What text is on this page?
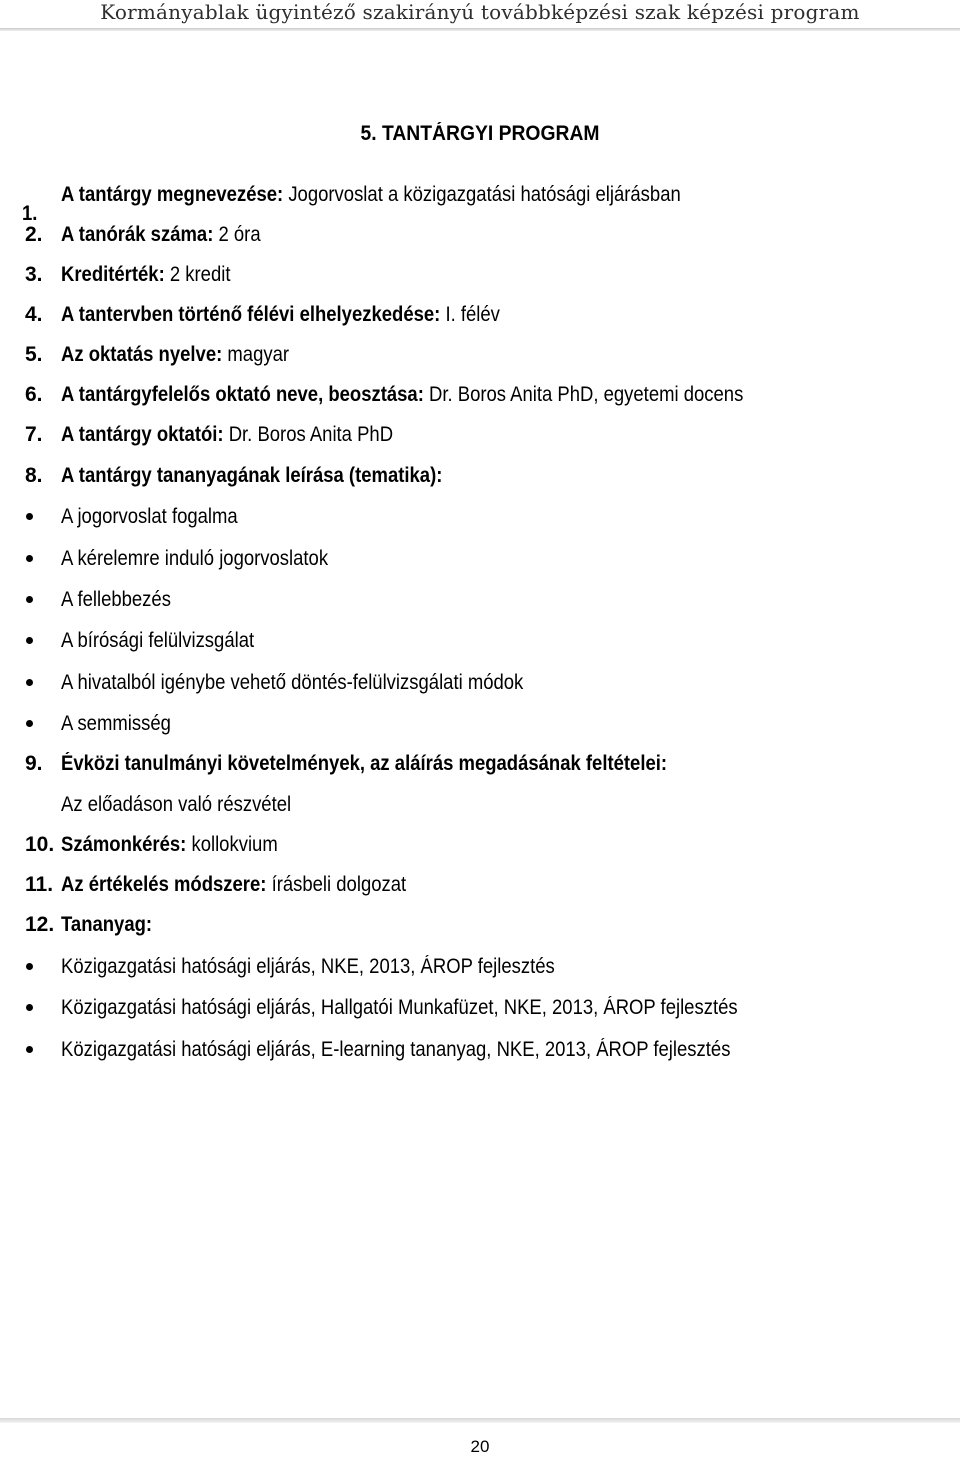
Kormányablak ügyintéző szakirányú továbbképzési szak képzési program
5. TANTÁRGYI PROGRAM
1.
A tantárgy megnevezése: Jogorvoslat a közigazgatási hatósági eljárásban
2. A tanórák száma: 2 óra
3. Kreditérték: 2 kredit
4. A tantervben történő félévi elhelyezkedése: I. félév
5. Az oktatás nyelve: magyar
6. A tantárgyfelelős oktató neve, beosztása: Dr. Boros Anita PhD, egyetemi docens
7. A tantárgy oktatói: Dr. Boros Anita PhD
8. A tantárgy tananyagának leírása (tematika):
A jogorvoslat fogalma
A kérelemre induló jogorvoslatok
A fellebbezés
A bírósági felülvizsgálat
A hivatalból igénybe vehető döntés-felülvizsgálati módok
A semmisség
9. Évközi tanulmányi követelmények, az aláírás megadásának feltételei:
Az előadáson való részvétel
10. Számonkérés: kollokvium
11. Az értékelés módszere: írásbeli dolgozat
12. Tananyag:
Közigazgatási hatósági eljárás, NKE, 2013, ÁROP fejlesztés
Közigazgatási hatósági eljárás, Hallgatói Munkafüzet, NKE, 2013, ÁROP fejlesztés
Közigazgatási hatósági eljárás, E-learning tananyag, NKE, 2013, ÁROP fejlesztés
20
